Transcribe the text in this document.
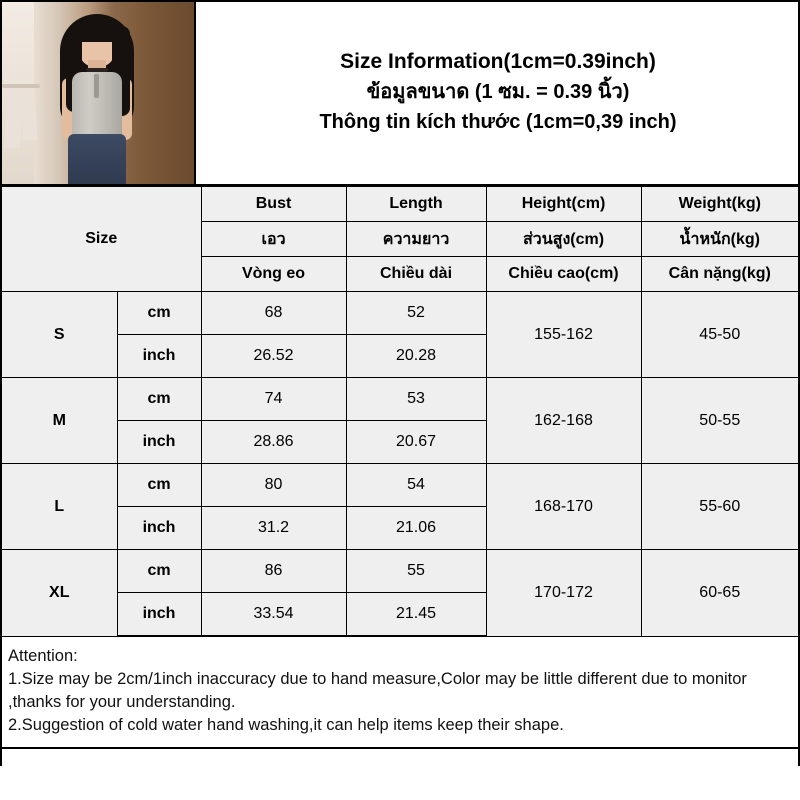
Size Information(1cm=0.39inch)
ข้อมูลขนาด (1 ซม. = 0.39 นิ้ว)
Thông tin kích thước (1cm=0,39 inch)
Size		Bust	Length	Height(cm)	Weight(kg)
		เอว	ความยาว	ส่วนสูง(cm)	น้ำหนัก(kg)
		Vòng eo	Chiều dài	Chiều cao(cm)	Cân nặng(kg)
S	cm	68	52	155-162	45-50
	inch	26.52	20.28		
M	cm	74	53	162-168	50-55
	inch	28.86	20.67		
L	cm	80	54	168-170	55-60
	inch	31.2	21.06		
XL	cm	86	55	170-172	60-65
	inch	33.54	21.45		
Attention:
1.Size may be 2cm/1inch inaccuracy due to hand measure,Color may be little different due to monitor ,thanks for your understanding.
2.Suggestion of cold water hand washing,it can help items keep their shape.
